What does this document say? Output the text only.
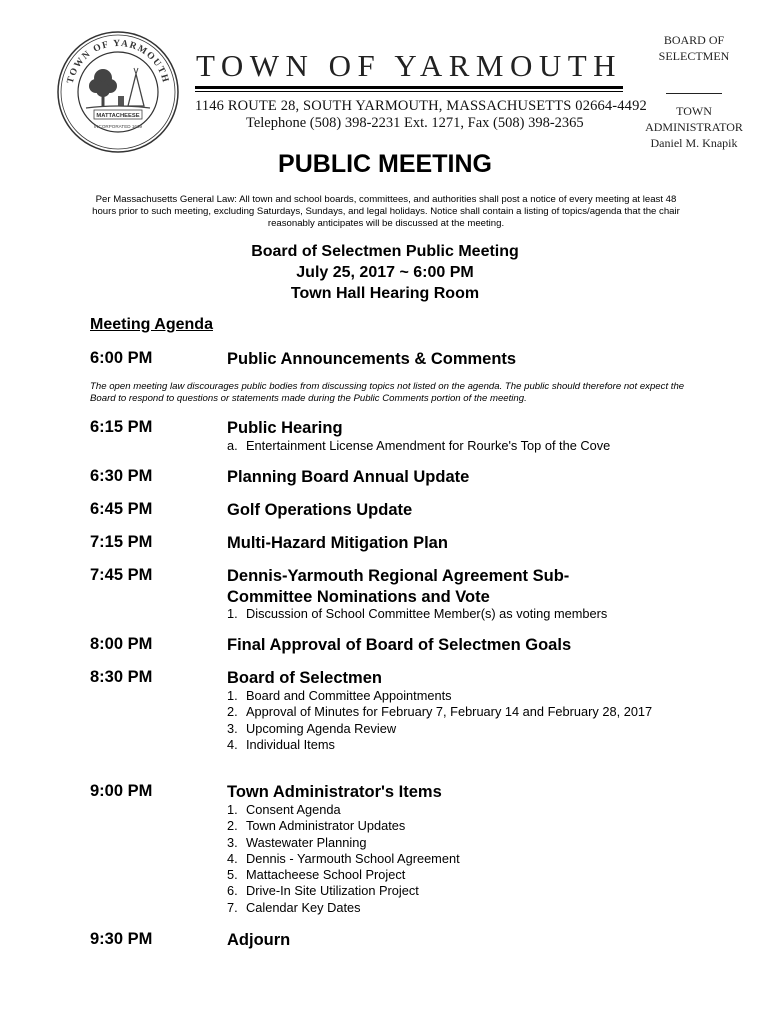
TOWN OF YARMOUTH
MATTACHEESE
INCORPORATED 1639
TOWN OF YARMOUTH
1146 ROUTE 28, SOUTH YARMOUTH, MASSACHUSETTS 02664-4492
Telephone (508) 398-2231 Ext. 1271, Fax (508) 398-2365
BOARD OF
SELECTMEN
TOWN
ADMINISTRATOR
Daniel M. Knapik
PUBLIC MEETING
Per Massachusetts General Law: All town and school boards, committees, and authorities shall post a notice of every meeting at least 48 hours prior to such meeting, excluding Saturdays, Sundays, and legal holidays. Notice shall contain a listing of topics/agenda that the chair reasonably anticipates will be discussed at the meeting.
Board of Selectmen Public Meeting
July 25, 2017 ~ 6:00 PM
Town Hall Hearing Room
Meeting Agenda
6:00 PM	Public Announcements & Comments
The open meeting law discourages public bodies from discussing topics not listed on the agenda. The public should therefore not expect the Board to respond to questions or statements made during the Public Comments portion of the meeting.
6:15 PM	Public Hearing
a. Entertainment License Amendment for Rourke's Top of the Cove
6:30 PM	Planning Board Annual Update
6:45 PM	Golf Operations Update
7:15 PM	Multi-Hazard Mitigation Plan
7:45 PM	Dennis-Yarmouth Regional Agreement Sub-Committee Nominations and Vote
1. Discussion of School Committee Member(s) as voting members
8:00 PM	Final Approval of Board of Selectmen Goals
8:30 PM	Board of Selectmen
1. Board and Committee Appointments
2. Approval of Minutes for February 7, February 14 and February 28, 2017
3. Upcoming Agenda Review
4. Individual Items
9:00 PM	Town Administrator's Items
1. Consent Agenda
2. Town Administrator Updates
3. Wastewater Planning
4. Dennis - Yarmouth School Agreement
5. Mattacheese School Project
6. Drive-In Site Utilization Project
7. Calendar Key Dates
9:30 PM	Adjourn
